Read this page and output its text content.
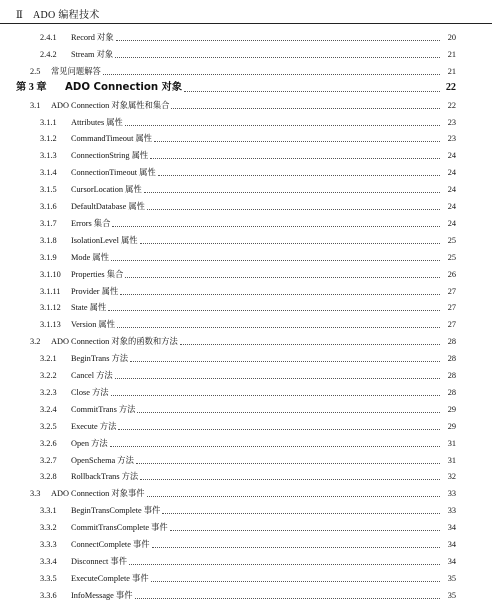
Ⅱ ADO 编程技术
2.4.1 Record 对象	20
2.4.2 Stream 对象	21
2.5 常见问题解答	21
第 3 章 ADO Connection 对象	22
3.1 ADO Connection 对象属性和集合	22
3.1.1 Attributes 属性	23
3.1.2 CommandTimeout 属性	23
3.1.3 ConnectionString 属性	24
3.1.4 ConnectionTimeout 属性	24
3.1.5 CursorLocation 属性	24
3.1.6 DefaultDatabase 属性	24
3.1.7 Errors 集合	24
3.1.8 IsolationLevel 属性	25
3.1.9 Mode 属性	25
3.1.10 Properties 集合	26
3.1.11 Provider 属性	27
3.1.12 State 属性	27
3.1.13 Version 属性	27
3.2 ADO Connection 对象的函数和方法	28
3.2.1 BeginTrans 方法	28
3.2.2 Cancel 方法	28
3.2.3 Close 方法	28
3.2.4 CommitTrans 方法	29
3.2.5 Execute 方法	29
3.2.6 Open 方法	31
3.2.7 OpenSchema 方法	31
3.2.8 RollbackTrans 方法	32
3.3 ADO Connection 对象事件	33
3.3.1 BeginTransComplete 事件	33
3.3.2 CommitTransComplete 事件	34
3.3.3 ConnectComplete 事件	34
3.3.4 Disconnect 事件	34
3.3.5 ExecuteComplete 事件	35
3.3.6 InfoMessage 事件	35
